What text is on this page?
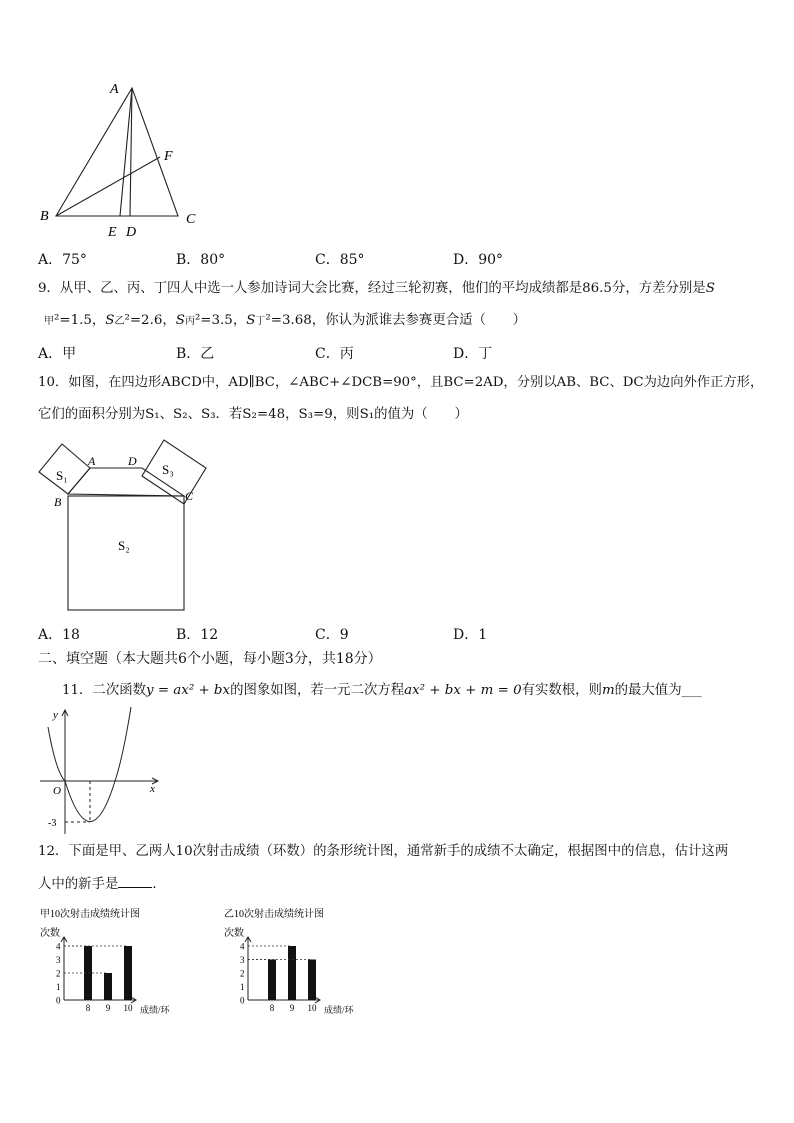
A
B	C
E D
F
A．75°	B．80°	C．85°	D．90°
9．从甲、乙、丙、丁四人中选一人参加诗词大会比赛，经过三轮初赛，他们的平均成绩都是86.5分，方差分别是S
甲²=1.5，S乙²=2.6，S丙²=3.5，S丁²=3.68，你认为派谁去参赛更合适（　　）
A．甲	B．乙	C．丙	D．丁
10．如图，在四边形ABCD中，AD∥BC，∠ABC+∠DCB=90°，且BC=2AD，分别以AB、BC、DC为边向外作正方形，
它们的面积分别为S₁、S₂、S₃．若S₂=48，S₃=9，则S₁的值为（　　）
S₁	S₃
S₂
A	D
B	C
A．18	B．12	C．9	D．1
二、填空题（本大题共6个小题，每小题3分，共18分）
11．二次函数y = ax² + bx的图象如图，若一元二次方程ax² + bx + m = 0有实数根，则m的最大值为___
y
x
O
-3
12．下面是甲、乙两人10次射击成绩（环数）的条形统计图，通常新手的成绩不太确定，根据图中的信息，估计这两
人中的新手是	．
甲10次射击成绩统计图
次数
成绩/环
0
1
2
3
4
8 9 10
乙10次射击成绩统计图
次数
成绩/环
0
1
2
3
4
8 9 10
